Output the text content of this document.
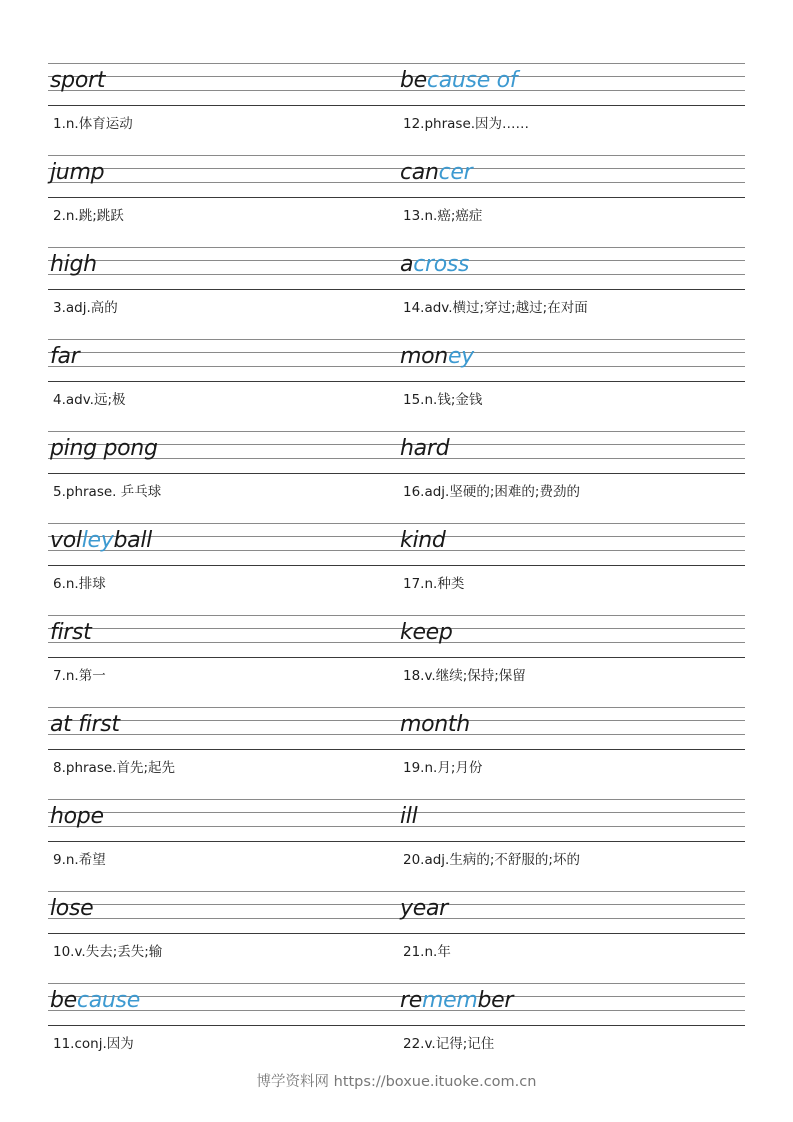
sport
1.n.体育运动
because of
12.phrase.因为……
jump
2.n.跳;跳跃
cancer
13.n.癌;癌症
high
3.adj.高的
across
14.adv.横过;穿过;越过;在对面
far
4.adv.远;极
money
15.n.钱;金钱
ping pong
5.phrase. 乒乓球
hard
16.adj.坚硬的;困难的;费劲的
volleyball
6.n.排球
kind
17.n.种类
first
7.n.第一
keep
18.v.继续;保持;保留
at first
8.phrase.首先;起先
month
19.n.月;月份
hope
9.n.希望
ill
20.adj.生病的;不舒服的;坏的
lose
10.v.失去;丢失;输
year
21.n.年
because
11.conj.因为
remember
22.v.记得;记住
博学资料网 https://boxue.ituoke.com.cn
